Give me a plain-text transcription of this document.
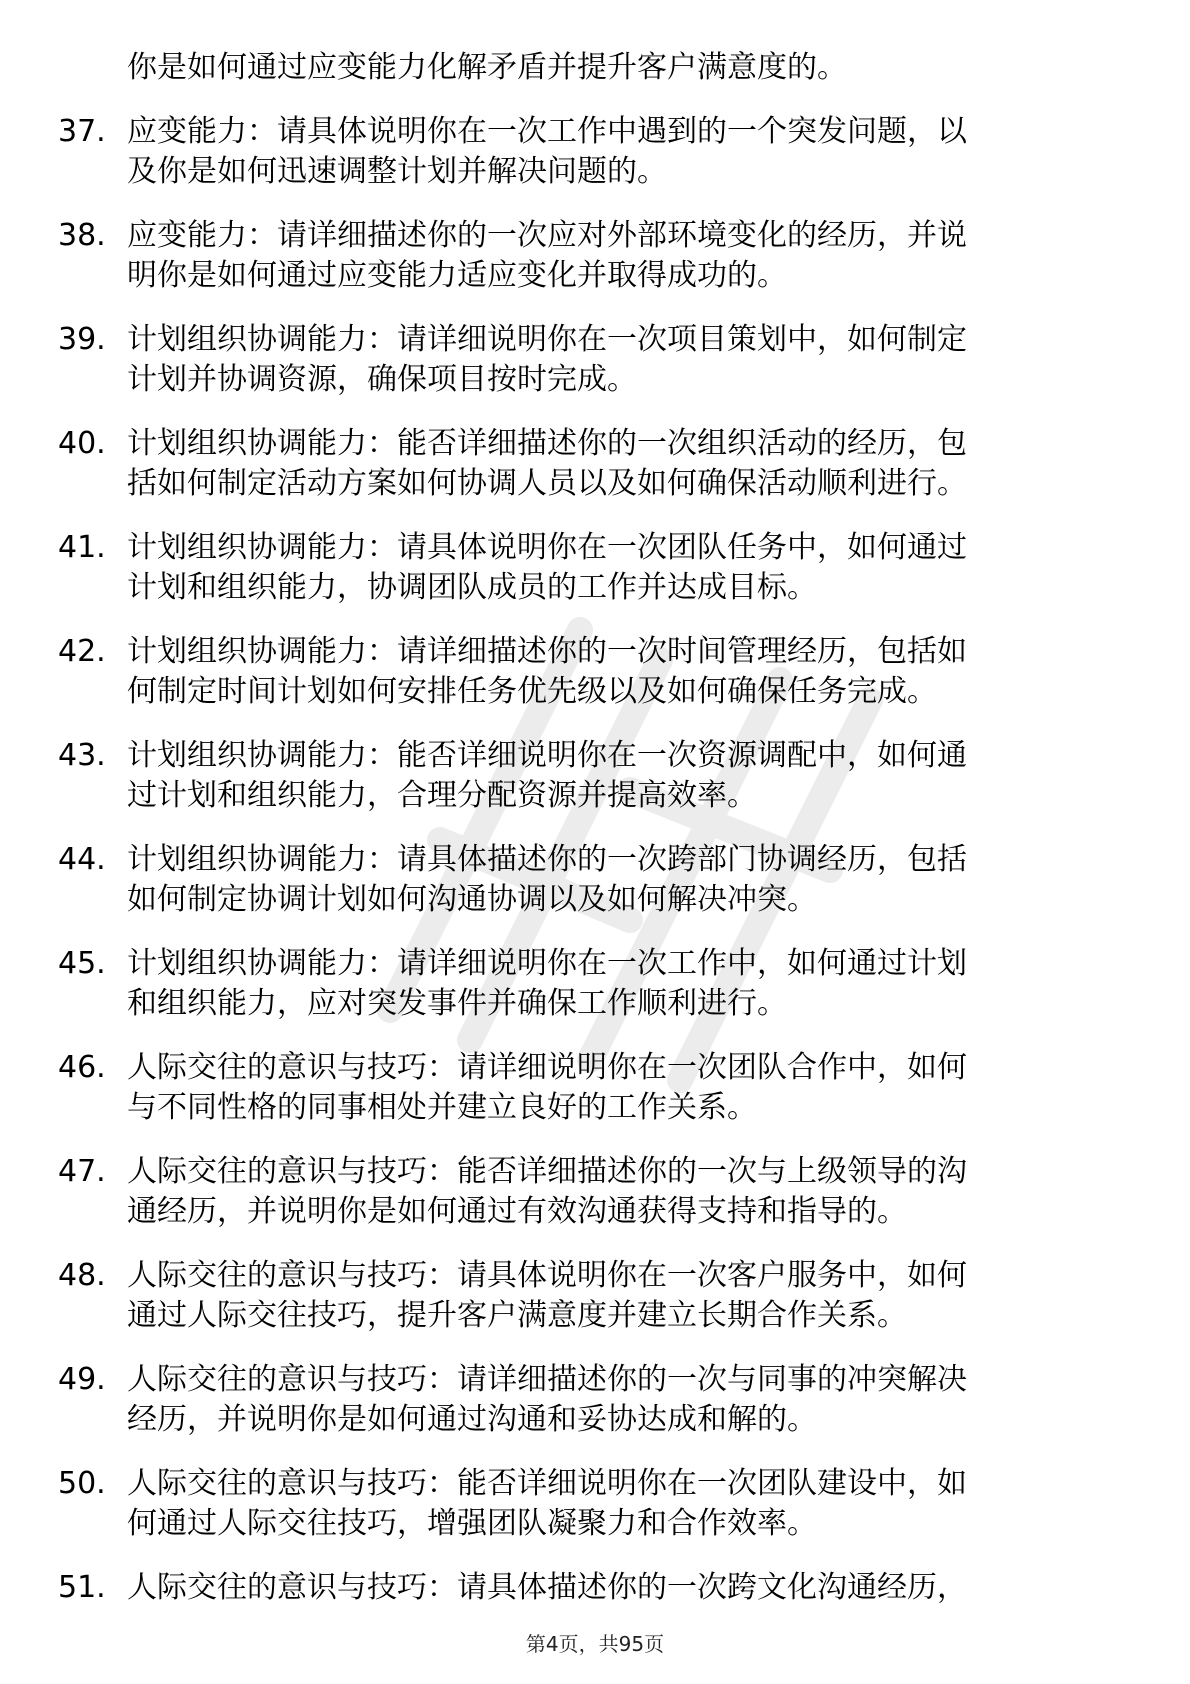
你是如何通过应变能力化解矛盾并提升客户满意度的。
37. 应变能力：请具体说明你在一次工作中遇到的一个突发问题，以
及你是如何迅速调整计划并解决问题的。
38. 应变能力：请详细描述你的一次应对外部环境变化的经历，并说
明你是如何通过应变能力适应变化并取得成功的。
39. 计划组织协调能力：请详细说明你在一次项目策划中，如何制定
计划并协调资源，确保项目按时完成。
40. 计划组织协调能力：能否详细描述你的一次组织活动的经历，包
括如何制定活动方案如何协调人员以及如何确保活动顺利进行。
41. 计划组织协调能力：请具体说明你在一次团队任务中，如何通过
计划和组织能力，协调团队成员的工作并达成目标。
42. 计划组织协调能力：请详细描述你的一次时间管理经历，包括如
何制定时间计划如何安排任务优先级以及如何确保任务完成。
43. 计划组织协调能力：能否详细说明你在一次资源调配中，如何通
过计划和组织能力，合理分配资源并提高效率。
44. 计划组织协调能力：请具体描述你的一次跨部门协调经历，包括
如何制定协调计划如何沟通协调以及如何解决冲突。
45. 计划组织协调能力：请详细说明你在一次工作中，如何通过计划
和组织能力，应对突发事件并确保工作顺利进行。
46. 人际交往的意识与技巧：请详细说明你在一次团队合作中，如何
与不同性格的同事相处并建立良好的工作关系。
47. 人际交往的意识与技巧：能否详细描述你的一次与上级领导的沟
通经历，并说明你是如何通过有效沟通获得支持和指导的。
48. 人际交往的意识与技巧：请具体说明你在一次客户服务中，如何
通过人际交往技巧，提升客户满意度并建立长期合作关系。
49. 人际交往的意识与技巧：请详细描述你的一次与同事的冲突解决
经历，并说明你是如何通过沟通和妥协达成和解的。
50. 人际交往的意识与技巧：能否详细说明你在一次团队建设中，如
何通过人际交往技巧，增强团队凝聚力和合作效率。
51. 人际交往的意识与技巧：请具体描述你的一次跨文化沟通经历，
第4页，共95页
